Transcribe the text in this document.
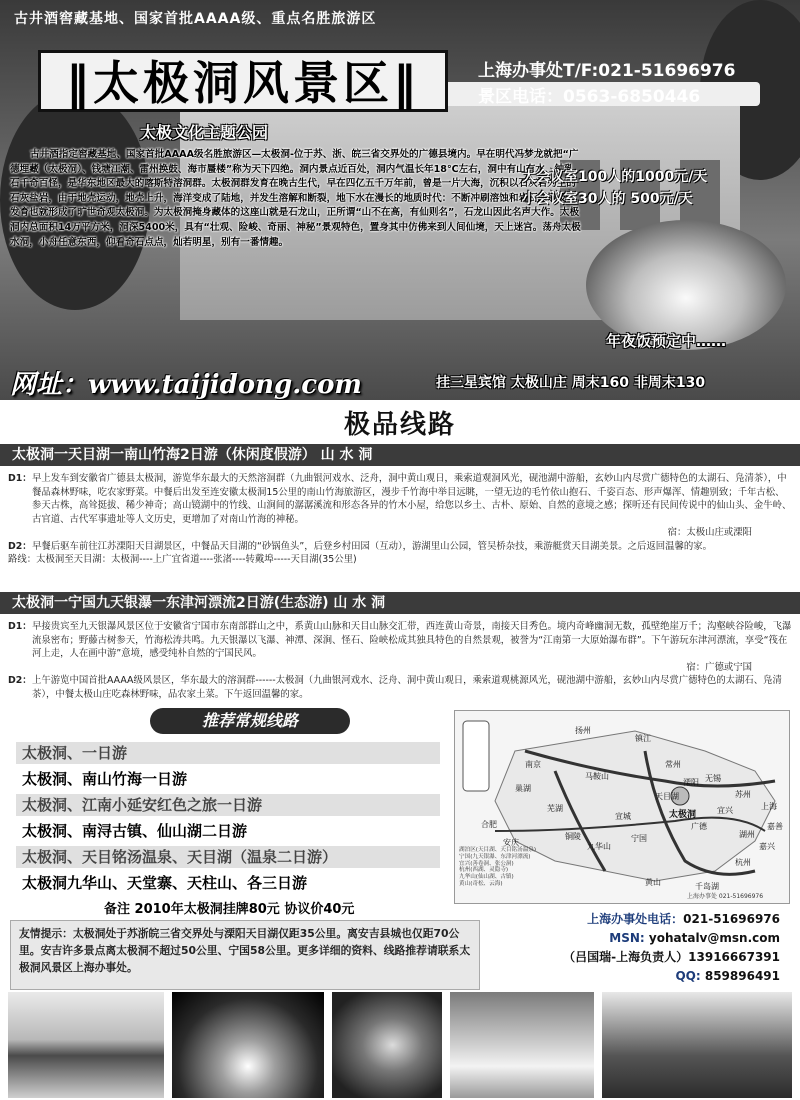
古井酒窖藏基地、国家首批AAAA级、重点名胜旅游区
‖太极洞风景区‖
太极文化主题公园
上海办事处T/F:021-51696976
景区电话：0563-6850446
古井酒指定窖藏基地、国家首批AAAA级名胜旅游区—太极洞-位于苏、浙、皖三省交界处的广德县境内。早在明代冯梦龙就把“广德埋藏（太极洞）、钱塘江潮、雷州换鼓、海市蜃楼”称为天下四绝。洞内景点近百处，洞内气温长年18℃左右，洞中有山有水，钟乳石千奇百怪，是华东地区最大的喀斯特溶洞群。太极洞群发育在晚古生代，早在四亿五千万年前，曾是一片大海，沉积以石灰岩为主的石灰盐岩，由于地壳运动，地壳上升，海洋变成了陆地，并发生溶解和断裂，地下水在漫长的地质时代：不断冲刷溶蚀和岩石崩塌及再发育也就形成了旷世奇观太极洞。为太极洞掩身藏体的这座山就是石龙山，正所谓“山不在高，有仙则名”，石龙山因此名声大作。太极洞内总面积14万平方米，洞深5400米，具有“壮观、险峻、奇丽、神秘”景观特色，置身其中仿佛来到人间仙境，天上迷宫。荡舟太极水洞，小舟任意东西，仰看奇石点点，灿若明星，别有一番情趣。
大会议室100人的1000元/天
小会议室30人的 500元/天
年夜饭预定中……
网址：www.taijidong.com	挂三星宾馆 太极山庄 周末160 非周末130
极品线路
太极洞一天目湖一南山竹海2日游（休闲度假游） 山 水 洞
D1： 早上发车到安徽省广德县太极洞，游览华东最大的天然溶洞群（九曲银河戏水、泛舟，洞中黄山观日，乘索道观洞风光，砚池湖中游船，玄妙山内尽赏广德特色的太湖石、凫清茶），中餐品森林野味，吃农家野菜。中餐后出发至连安徽太极洞15公里的南山竹海旅游区，漫步千竹海中举目远眺，一望无边的毛竹依山抱石、千姿百态、形声爆浑、情趣别致；千年古松、参天古株，高耸挺拔、稀少神奇；高山镜湖中的竹线、山涧间的潺潺溪流和形态各异的竹木小屋，给您以乡土、古朴、原始、自然的意境之感；探听还有民间传说中的仙山头、金牛岭、古官道、古代军事遗址等人文历史，更增加了对南山竹海的神秘。
宿：太极山庄或溧阳
D2： 早餐后驱车前往江苏溧阳天目湖景区，中餐品天目湖的“砂锅鱼头”，后登乡村田园（互动），游湖里山公园，管吴桥杂技，乘游艇赏天目湖美景。之后返回温馨的家。
路线：太极洞至天目湖：太极洞----上广宜省道----张渚----转戴埠-----天目湖(35公里)
太极洞一宁国九天银瀑一东津河漂流2日游(生态游) 山 水 洞
D1： 早接贵宾至九天银瀑风景区位于安徽省宁国市东南部群山之中，系黄山山脉和天目山脉交汇带，西连黄山奇景，南接天目秀色。境内奇峰幽洞无数，孤壁绝崖万千；沟壑峡谷险峻，飞瀑流泉密布；野藤古树参天，竹海松涛共鸣。九天银瀑以飞瀑、神潭、深涧、怪石、险峡松成其独具特色的自然景观，被誉为“江南第一大原始瀑布群”。下午游玩东津河漂流，享受“筏在河上走，人在画中游”意境，感受纯朴自然的宁国民风。
宿：广德或宁国
D2： 上午游览中国首批AAAA级风景区，华东最大的溶洞群------太极洞（九曲银河戏水、泛舟、洞中黄山观日，乘索道观桃源风光，砚池湖中游船，玄妙山内尽赏广德特色的太湖石、凫清茶），中餐太极山庄吃森林野味，品农家土菜。下午返回温馨的家。
推荐常规线路
太极洞、一日游
太极洞、南山竹海一日游
太极洞、江南小延安红色之旅一日游
太极洞、南浔古镇、仙山湖二日游
太极洞、天目铭汤温泉、天目湖（温泉二日游）
太极洞九华山、天堂寨、天柱山、各三日游
备注 2010年太极洞挂牌80元 协议价40元
扬州
镇江
南京
马鞍山
常州
无锡
苏州
上海
芜湖
宣城
溧阳
天目湖
宜兴
太极洞
广德
宁国	湖州
嘉兴
杭州
九华山
黄山
合肥
安庆
铜陵
巢湖
千岛湖
嘉善
湖泊区(天目湖、天目铭汤温泉)
宁国(九天银瀑、东津河漂流)
宜兴(善卷洞、张公洞)
杭州(西湖、灵隐寺)
九华山(仙山湖、古镇)
黄山(奇松、云海)
上海办事处 021-51696976
友情提示：太极洞处于苏浙皖三省交界处与溧阳天目湖仅距35公里。离安吉县城也仅距70公里。安吉许多景点离太极洞不超过50公里、宁国58公里。更多详细的资料、线路推荐请联系太极洞风景区上海办事处。
上海办事处电话：021-51696976
MSN: yohatalv@msn.com
（吕国瑞-上海负责人）13916667391
QQ: 859896491
